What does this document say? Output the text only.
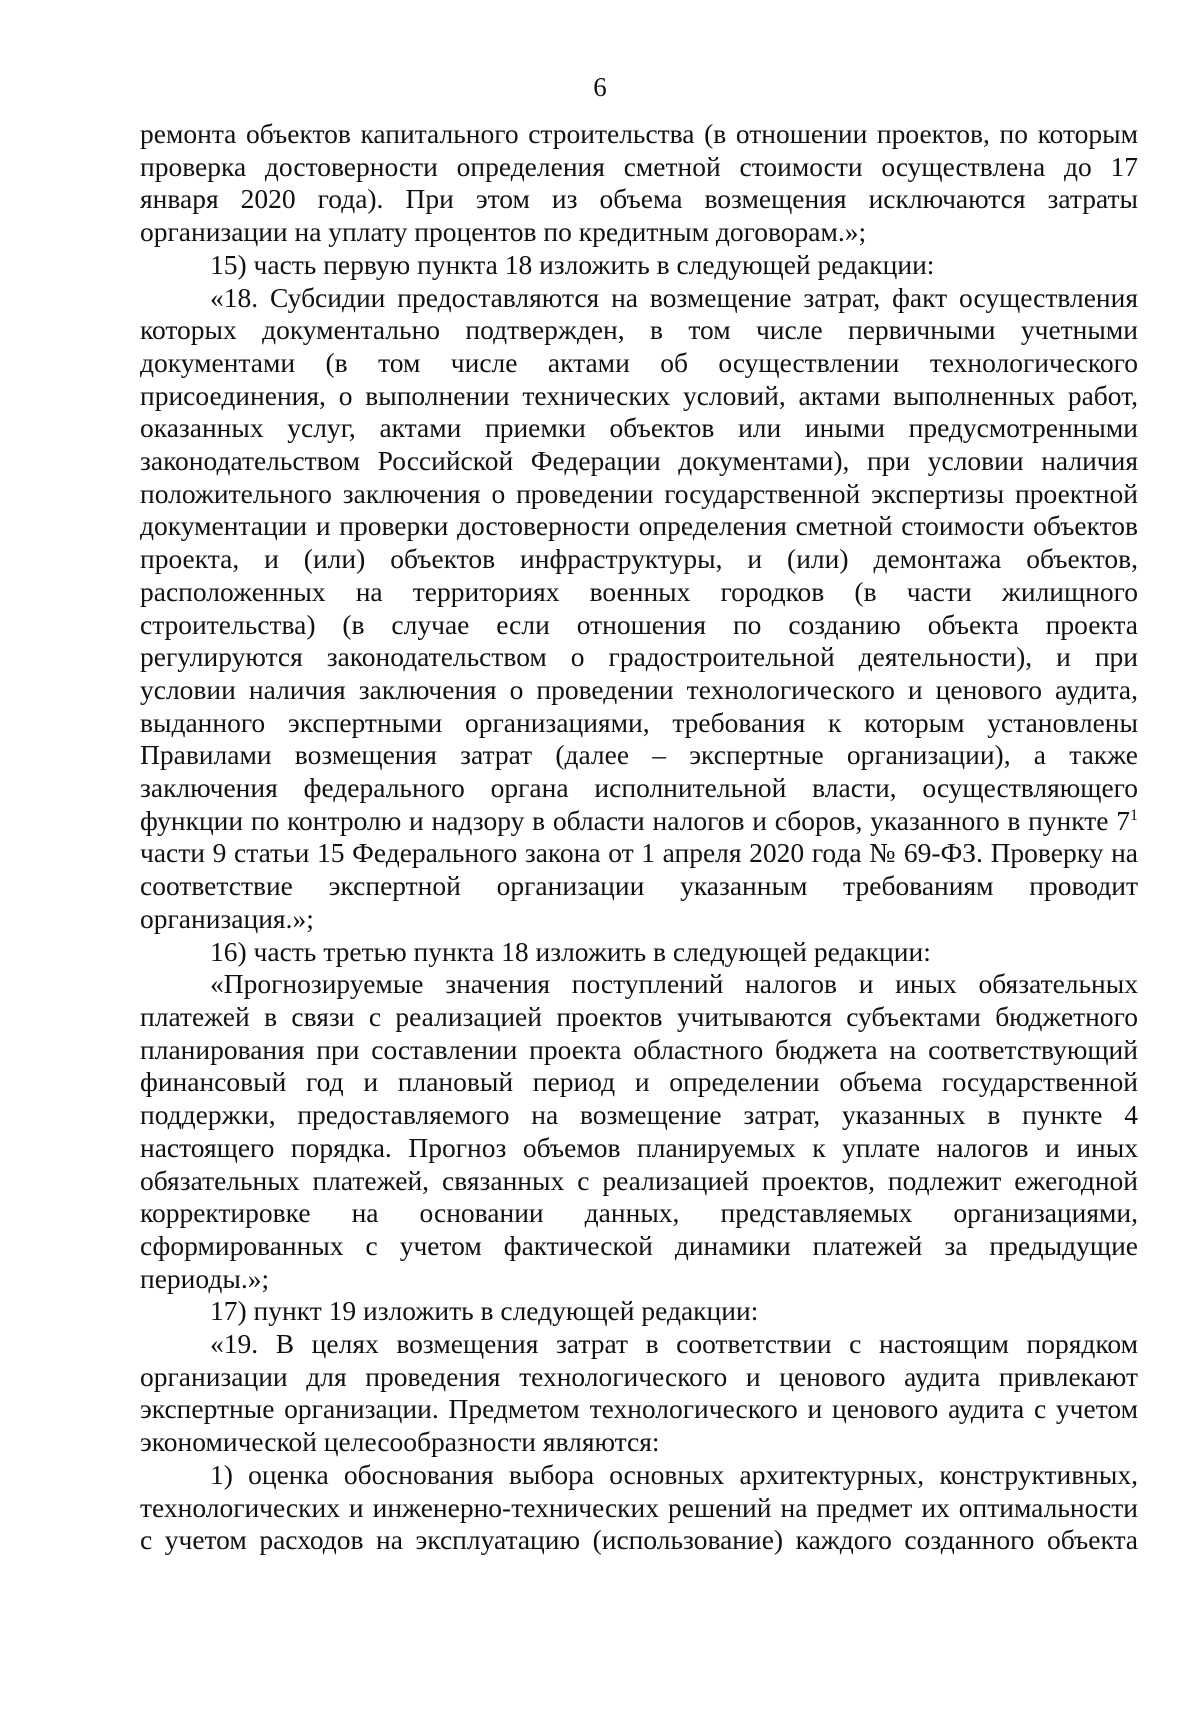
6

ремонта объектов капитального строительства (в отношении проектов, по которым проверка достоверности определения сметной стоимости осуществлена до 17 января 2020 года). При этом из объема возмещения исключаются затраты организации на уплату процентов по кредитным договорам.»;

15) часть первую пункта 18 изложить в следующей редакции:

«18. Субсидии предоставляются на возмещение затрат, факт осуществления которых документально подтвержден, в том числе первичными учетными документами (в том числе актами об осуществлении технологического присоединения, о выполнении технических условий, актами выполненных работ, оказанных услуг, актами приемки объектов или иными предусмотренными законодательством Российской Федерации документами), при условии наличия положительного заключения о проведении государственной экспертизы проектной документации и проверки достоверности определения сметной стоимости объектов проекта, и (или) объектов инфраструктуры, и (или) демонтажа объектов, расположенных на территориях военных городков (в части жилищного строительства) (в случае если отношения по созданию объекта проекта регулируются законодательством о градостроительной деятельности), и при условии наличия заключения о проведении технологического и ценового аудита, выданного экспертными организациями, требования к которым установлены Правилами возмещения затрат (далее – экспертные организации), а также заключения федерального органа исполнительной власти, осуществляющего функции по контролю и надзору в области налогов и сборов, указанного в пункте $7^1$ части 9 статьи 15 Федерального закона от 1 апреля 2020 года № 69-ФЗ. Проверку на соответствие экспертной организации указанным требованиям проводит организация.»;

16) часть третью пункта 18 изложить в следующей редакции:

«Прогнозируемые значения поступлений налогов и иных обязательных платежей в связи с реализацией проектов учитываются субъектами бюджетного планирования при составлении проекта областного бюджета на соответствующий финансовый год и плановый период и определении объема государственной поддержки, предоставляемого на возмещение затрат, указанных в пункте 4 настоящего порядка. Прогноз объемов планируемых к уплате налогов и иных обязательных платежей, связанных с реализацией проектов, подлежит ежегодной корректировке на основании данных, представляемых организациями, сформированных с учетом фактической динамики платежей за предыдущие периоды.»;

17) пункт 19 изложить в следующей редакции:

«19. В целях возмещения затрат в соответствии с настоящим порядком организации для проведения технологического и ценового аудита привлекают экспертные организации. Предметом технологического и ценового аудита с учетом экономической целесообразности являются:

1) оценка обоснования выбора основных архитектурных, конструктивных, технологических и инженерно-технических решений на предмет их оптимальности с учетом расходов на эксплуатацию (использование) каждого созданного объекта
